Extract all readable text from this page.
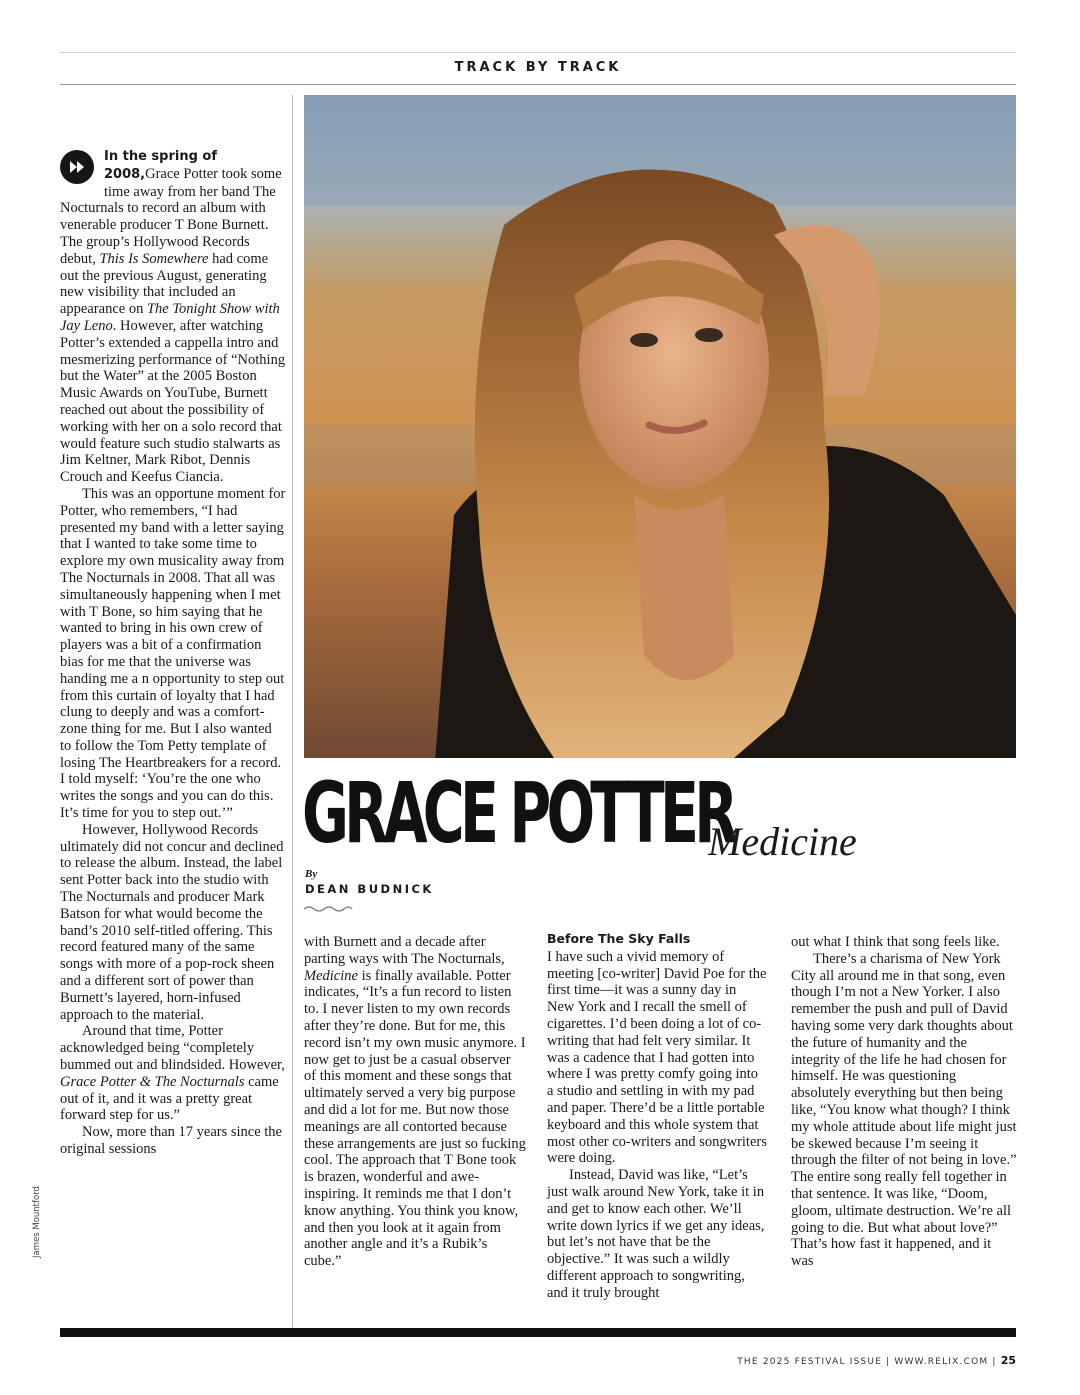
TRACK BY TRACK

In the spring of 2008,Grace Potter took some time away from her band The Nocturnals to record an album with venerable producer T Bone Burnett. The group’s Hollywood Records debut, This Is Somewhere had come out the previous August, generating new visibility that included an appearance on The Tonight Show with Jay Leno. However, after watching Potter’s extended a cappella intro and mesmerizing performance of “Nothing but the Water” at the 2005 Boston Music Awards on YouTube, Burnett reached out about the possibility of working with her on a solo record that would feature such studio stalwarts as Jim Keltner, Mark Ribot, Dennis Crouch and Keefus Ciancia.

This was an opportune moment for Potter, who remembers, “I had presented my band with a letter saying that I wanted to take some time to explore my own musicality away from The Nocturnals in 2008. That all was simultaneously happening when I met with T Bone, so him saying that he wanted to bring in his own crew of players was a bit of a confirmation bias for me that the universe was handing me a n opportunity to step out from this curtain of loyalty that I had clung to deeply and was a comfort-zone thing for me. But I also wanted to follow the Tom Petty template of losing The Heartbreakers for a record. I told myself: ‘You’re the one who writes the songs and you can do this. It’s time for you to step out.’”

However, Hollywood Records ultimately did not concur and declined to release the album. Instead, the label sent Potter back into the studio with The Nocturnals and producer Mark Batson for what would become the band’s 2010 self-titled offering. This record featured many of the same songs with more of a pop-rock sheen and a different sort of power than Burnett’s layered, horn-infused approach to the material.

Around that time, Potter acknowledged being “completely bummed out and blindsided. However, Grace Potter & The Nocturnals came out of it, and it was a pretty great forward step for us.”

Now, more than 17 years since the original sessions

GRACE POTTER
Medicine
By
DEAN BUDNICK

with Burnett and a decade after parting ways with The Nocturnals, Medicine is finally available. Potter indicates, “It’s a fun record to listen to. I never listen to my own records after they’re done. But for me, this record isn’t my own music anymore. I now get to just be a casual observer of this moment and these songs that ultimately served a very big purpose and did a lot for me. But now those meanings are all contorted because these arrangements are just so fucking cool. The approach that T Bone took is brazen, wonderful and awe-inspiring. It reminds me that I don’t know anything. You think you know, and then you look at it again from another angle and it’s a Rubik’s cube.”

Before The Sky Falls

I have such a vivid memory of meeting [co-writer] David Poe for the first time—it was a sunny day in New York and I recall the smell of cigarettes. I’d been doing a lot of co-writing that had felt very similar. It was a cadence that I had gotten into where I was pretty comfy going into a studio and settling in with my pad and paper. There’d be a little portable keyboard and this whole system that most other co-writers and songwriters were doing.

Instead, David was like, “Let’s just walk around New York, take it in and get to know each other. We’ll write down lyrics if we get any ideas, but let’s not have that be the objective.” It was such a wildly different approach to songwriting, and it truly brought

out what I think that song feels like.

There’s a charisma of New York City all around me in that song, even though I’m not a New Yorker. I also remember the push and pull of David having some very dark thoughts about the future of humanity and the integrity of the life he had chosen for himself. He was questioning absolutely everything but then being like, “You know what though? I think my whole attitude about life might just be skewed because I’m seeing it through the filter of not being in love.” The entire song really fell together in that sentence. It was like, “Doom, gloom, ultimate destruction. We’re all going to die. But what about love?” That’s how fast it happened, and it was

James Mountford
THE 2025 FESTIVAL ISSUE | WWW.RELIX.COM | 25
